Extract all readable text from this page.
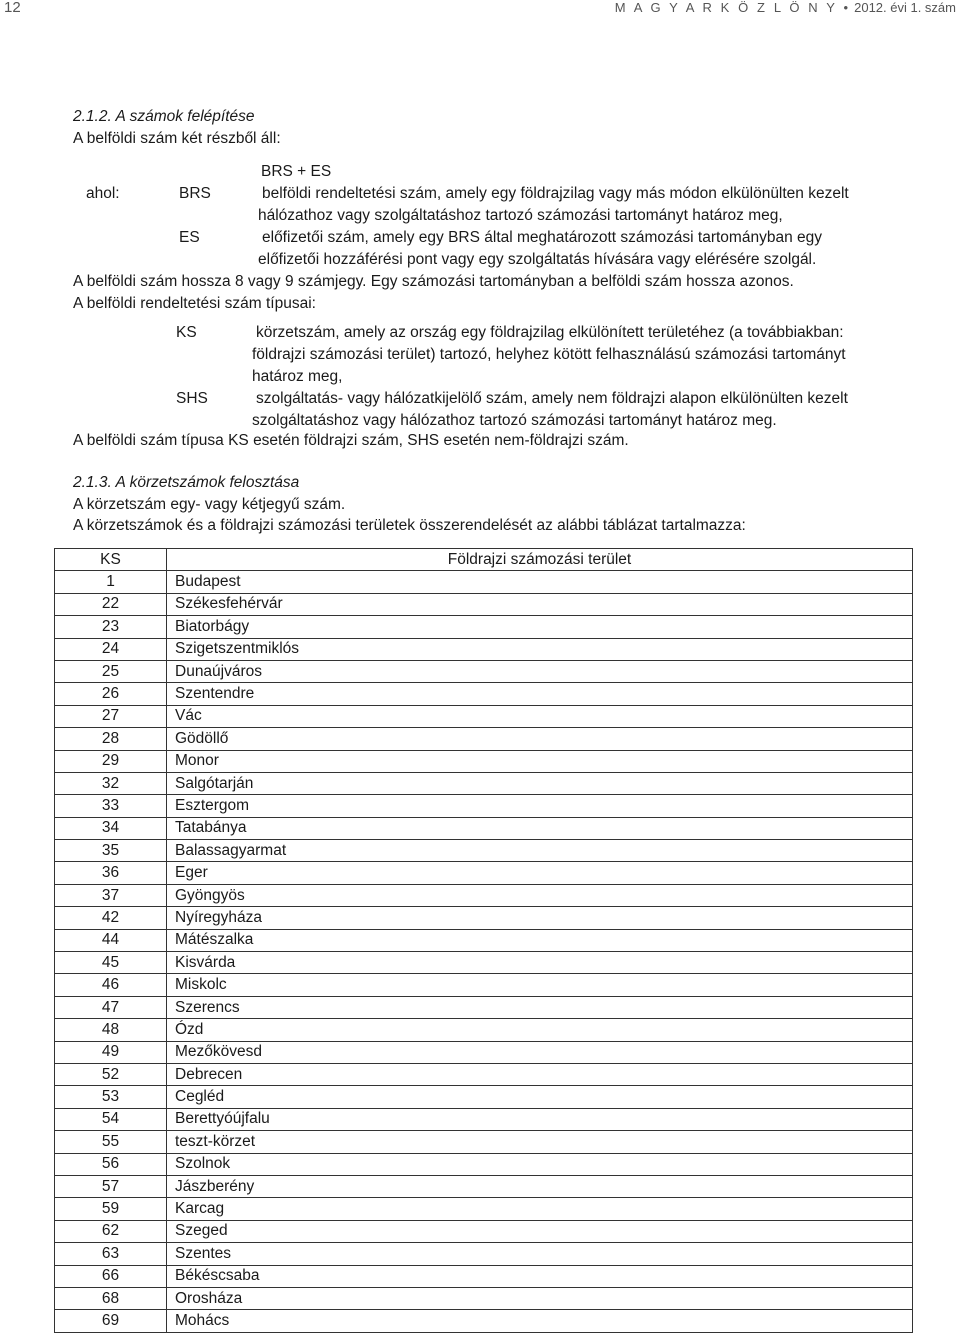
12	M A G Y A R K Ö Z L Ö N Y • 2012. évi 1. szám
2.1.2. A számok felépítése
A belföldi szám két részből áll:
BRS + ES
ahol:	BRS	belföldi rendeltetési szám, amely egy földrajzilag vagy más módon elkülönülten kezelt
hálózathoz vagy szolgáltatáshoz tartozó számozási tartományt határoz meg,
ES	előfizetői szám, amely egy BRS által meghatározott számozási tartományban egy
előfizetői hozzáférési pont vagy egy szolgáltatás hívására vagy elérésére szolgál.
A belföldi szám hossza 8 vagy 9 számjegy. Egy számozási tartományban a belföldi szám hossza azonos.
A belföldi rendeltetési szám típusai:
KS	körzetszám, amely az ország egy földrajzilag elkülönített területéhez (a továbbiakban:
földrajzi számozási terület) tartozó, helyhez kötött felhasználású számozási tartományt
határoz meg,
SHS	szolgáltatás- vagy hálózatkijelölő szám, amely nem földrajzi alapon elkülönülten kezelt
szolgáltatáshoz vagy hálózathoz tartozó számozási tartományt határoz meg.
A belföldi szám típusa KS esetén földrajzi szám, SHS esetén nem-földrajzi szám.
2.1.3. A körzetszámok felosztása
A körzetszám egy- vagy kétjegyű szám.
A körzetszámok és a földrajzi számozási területek összerendelését az alábbi táblázat tartalmazza:
KS	Földrajzi számozási terület
1	Budapest
22	Székesfehérvár
23	Biatorbágy
24	Szigetszentmiklós
25	Dunaújváros
26	Szentendre
27	Vác
28	Gödöllő
29	Monor
32	Salgótarján
33	Esztergom
34	Tatabánya
35	Balassagyarmat
36	Eger
37	Gyöngyös
42	Nyíregyháza
44	Mátészalka
45	Kisvárda
46	Miskolc
47	Szerencs
48	Ózd
49	Mezőkövesd
52	Debrecen
53	Cegléd
54	Berettyóújfalu
55	teszt-körzet
56	Szolnok
57	Jászberény
59	Karcag
62	Szeged
63	Szentes
66	Békéscsaba
68	Orosháza
69	Mohács
